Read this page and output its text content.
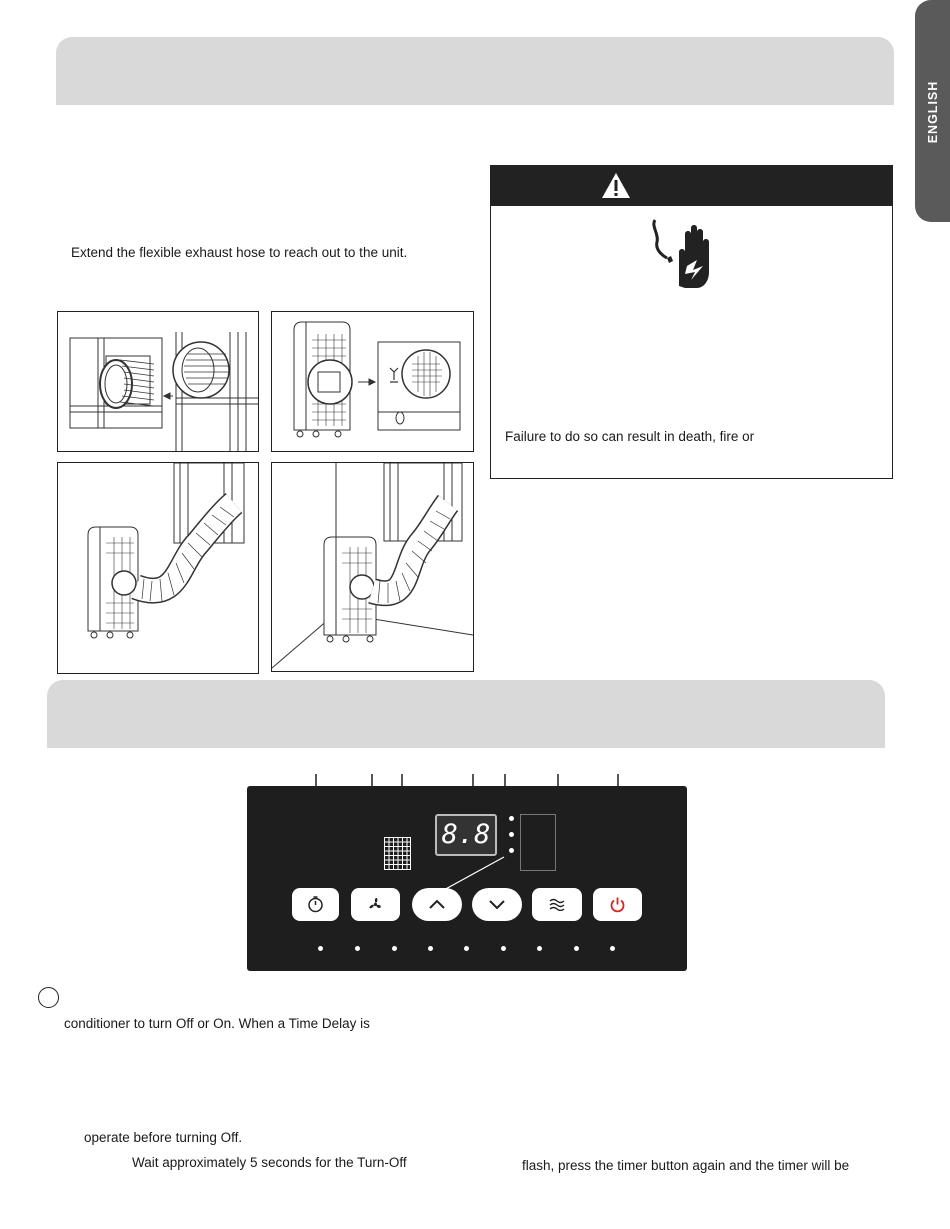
ENGLISH
Extend the flexible exhaust hose to reach out to the unit.
Failure to do so can result in death, fire or
8.8
conditioner to turn Off or On. When a Time Delay is
operate before turning Off.
Wait approximately 5 seconds for the Turn-Off	flash, press the timer button again and the timer will be
